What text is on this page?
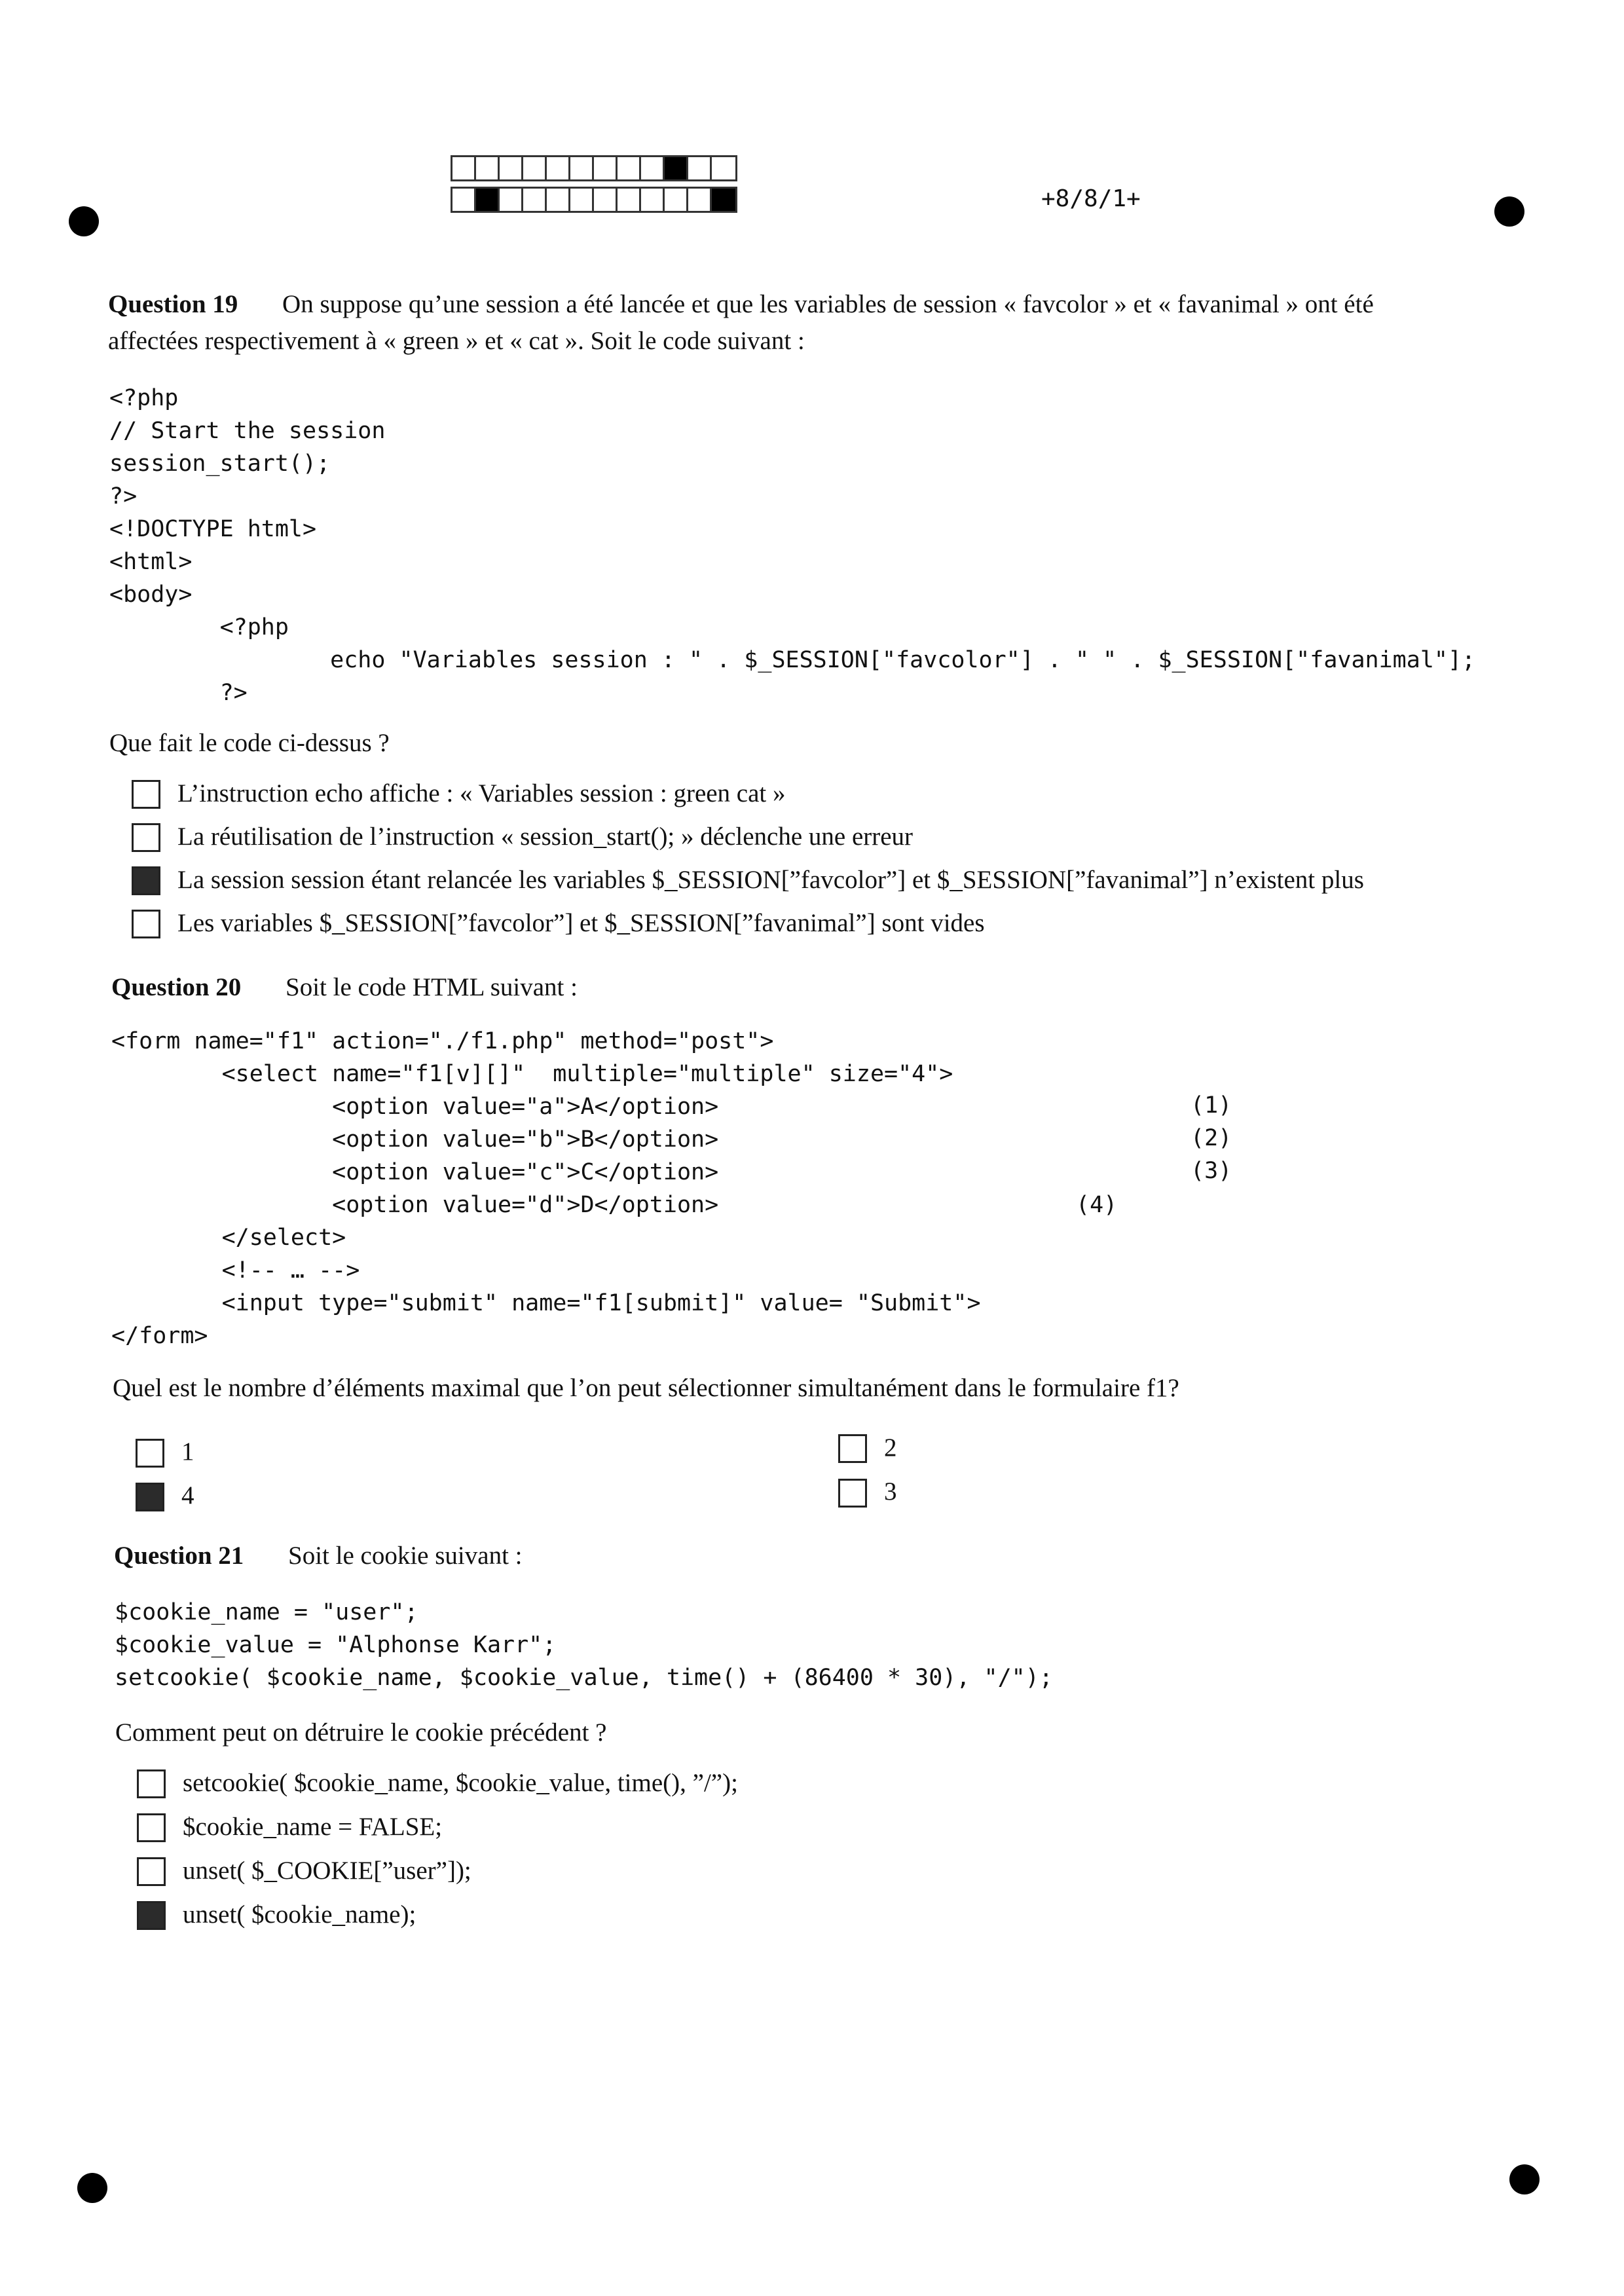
+8/8/1+
Question 19 On suppose qu’une session a été lancée et que les variables de session « favcolor » et « favanimal » ont été
affectées respectivement à « green » et « cat ». Soit le code suivant :
<?php
// Start the session
session_start();
?>
<!DOCTYPE html>
<html>
<body>
<?php
echo "Variables session : " . $_SESSION["favcolor"] . " " . $_SESSION["favanimal"];
?>
Que fait le code ci-dessus ?
L’instruction echo affiche : « Variables session : green cat »
La réutilisation de l’instruction « session_start(); » déclenche une erreur
La session session étant relancée les variables $_SESSION[”favcolor”] et $_SESSION[”favanimal”] n’existent plus
Les variables $_SESSION[”favcolor”] et $_SESSION[”favanimal”] sont vides
Question 20 Soit le code HTML suivant :
<form name="f1" action="./f1.php" method="post">
<select name="f1[v][]"  multiple="multiple" size="4">
<option value="a">A</option>
<option value="b">B</option>
<option value="c">C</option>
<option value="d">D</option>
</select>
<!-- … -->
<input type="submit" name="f1[submit]" value= "Submit">
</form>
(1)
(2)
(3)
(4)
Quel est le nombre d’éléments maximal que l’on peut sélectionner simultanément dans le formulaire f1?
1
4
2
3
Question 21 Soit le cookie suivant :
$cookie_name = "user";
$cookie_value = "Alphonse Karr";
setcookie( $cookie_name, $cookie_value, time() + (86400 * 30), "/");
Comment peut on détruire le cookie précédent ?
setcookie( $cookie_name, $cookie_value, time(), ”/”);
$cookie_name = FALSE;
unset( $_COOKIE[”user”]);
unset( $cookie_name);
